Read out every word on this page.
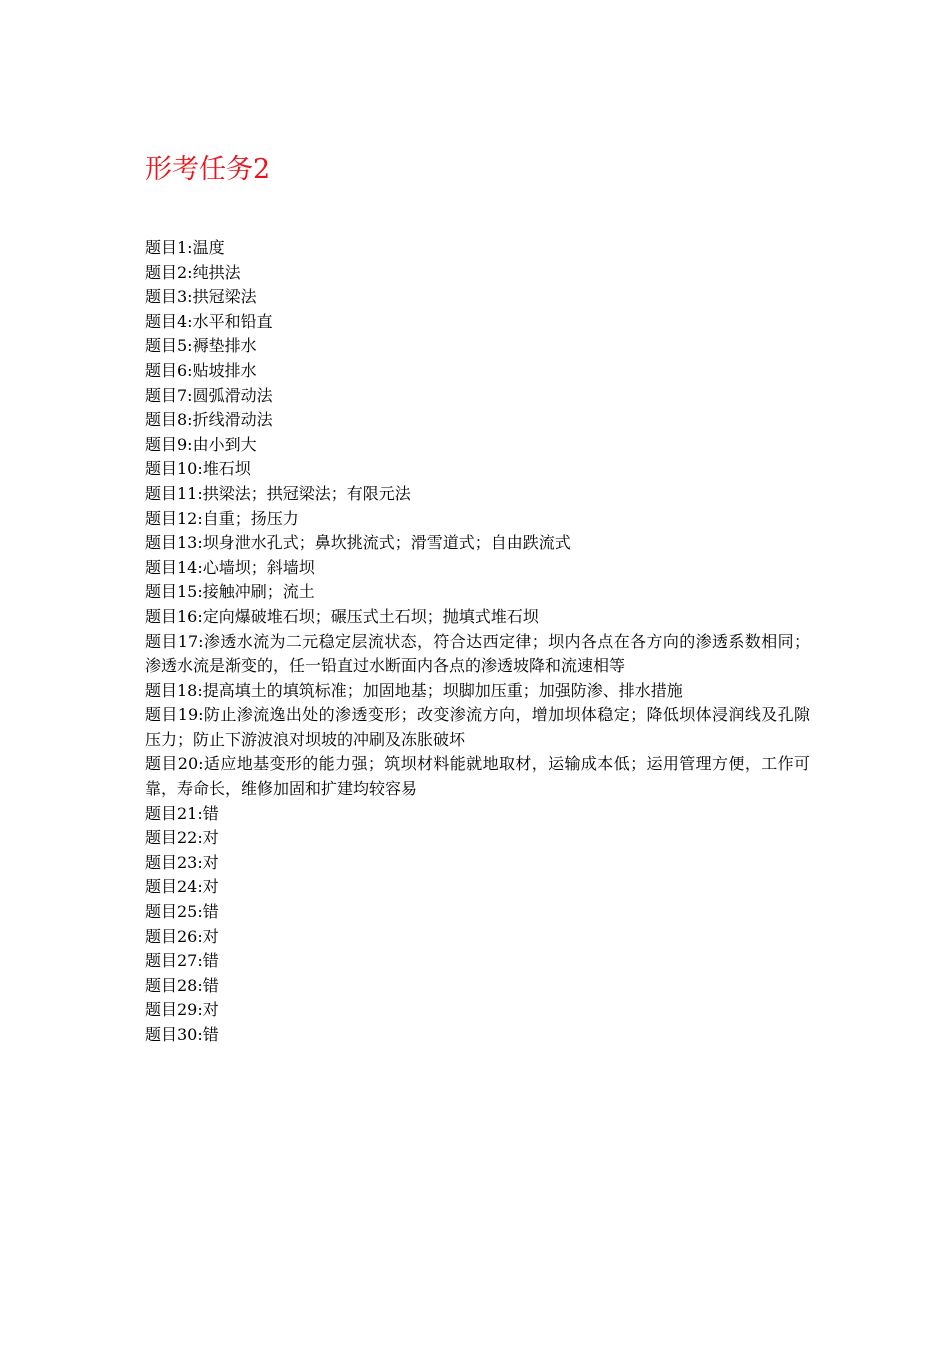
形考任务2
题目1:温度
题目2:纯拱法
题目3:拱冠梁法
题目4:水平和铅直
题目5:褥垫排水
题目6:贴坡排水
题目7:圆弧滑动法
题目8:折线滑动法
题目9:由小到大
题目10:堆石坝
题目11:拱梁法；拱冠梁法；有限元法
题目12:自重；扬压力
题目13:坝身泄水孔式；鼻坎挑流式；滑雪道式；自由跌流式
题目14:心墙坝；斜墙坝
题目15:接触冲刷；流土
题目16:定向爆破堆石坝；碾压式土石坝；抛填式堆石坝
题目17:渗透水流为二元稳定层流状态，符合达西定律；坝内各点在各方向的渗透系数相同；渗透水流是渐变的，任一铅直过水断面内各点的渗透坡降和流速相等
题目18:提高填土的填筑标准；加固地基；坝脚加压重；加强防渗、排水措施
题目19:防止渗流逸出处的渗透变形；改变渗流方向，增加坝体稳定；降低坝体浸润线及孔隙压力；防止下游波浪对坝坡的冲刷及冻胀破坏
题目20:适应地基变形的能力强；筑坝材料能就地取材，运输成本低；运用管理方便，工作可靠，寿命长，维修加固和扩建均较容易
题目21:错
题目22:对
题目23:对
题目24:对
题目25:错
题目26:对
题目27:错
题目28:错
题目29:对
题目30:错
